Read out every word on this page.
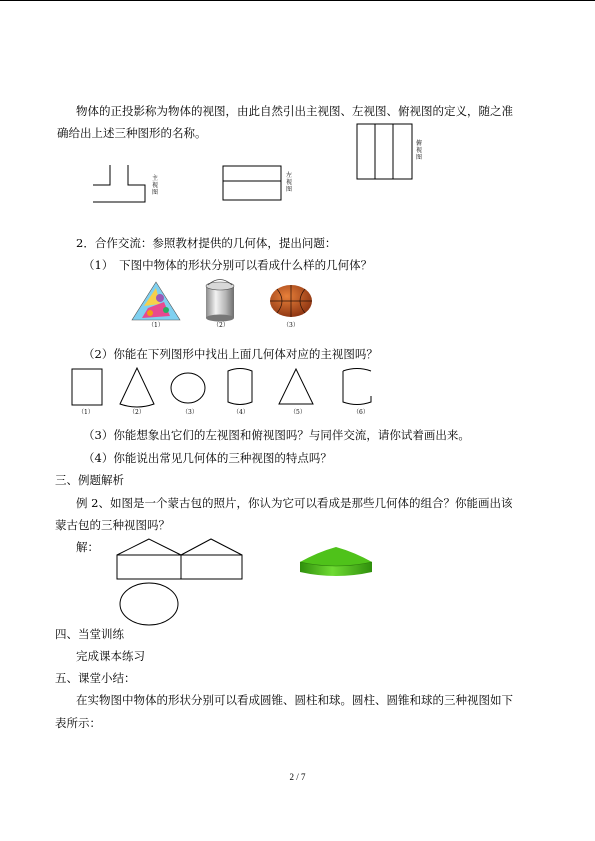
物体的正投影称为物体的视图，由此自然引出主视图、左视图、俯视图的定义，随之准
确给出上述三种图形的名称。
主视图
左视图
俯视图
2．合作交流：参照教材提供的几何体，提出问题：
（1）　下图中物体的形状分别可以看成什么样的几何体？
（1）	（2）	（3）
（2）你能在下列图形中找出上面几何体对应的主视图吗？
（1）	（2）	（3）	（4）	（5）	（6）
（3）你能想象出它们的左视图和俯视图吗？与同伴交流，请你试着画出来。
（4）你能说出常见几何体的三种视图的特点吗？
三、例题解析
例 2、如图是一个蒙古包的照片，你认为它可以看成是那些几何体的组合？你能画出该
蒙古包的三种视图吗？
解：
四、当堂训练
完成课本练习
五、课堂小结：
在实物图中物体的形状分别可以看成圆锥、圆柱和球。圆柱、圆锥和球的三种视图如下
表所示：
2 / 7
